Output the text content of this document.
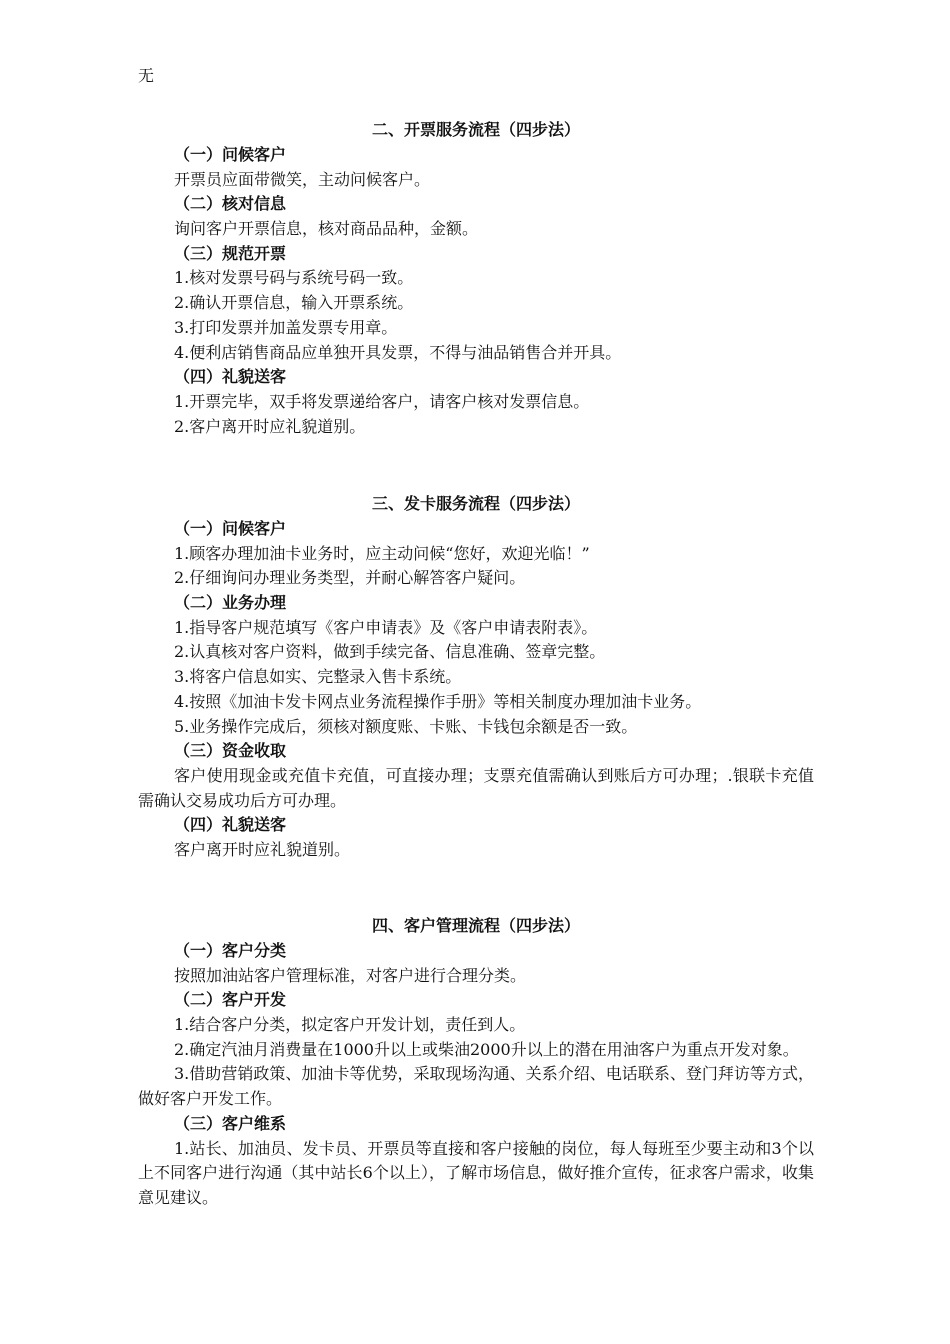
无
二、开票服务流程（四步法）
（一）问候客户
开票员应面带微笑，主动问候客户。
（二）核对信息
询问客户开票信息，核对商品品种，金额。
（三）规范开票
1.核对发票号码与系统号码一致。
2.确认开票信息，输入开票系统。
3.打印发票并加盖发票专用章。
4.便利店销售商品应单独开具发票，不得与油品销售合并开具。
（四）礼貌送客
1.开票完毕，双手将发票递给客户，请客户核对发票信息。
2.客户离开时应礼貌道别。
三、发卡服务流程（四步法）
（一）问候客户
1.顾客办理加油卡业务时，应主动问候“您好，欢迎光临！”
2.仔细询问办理业务类型，并耐心解答客户疑问。
（二）业务办理
1.指导客户规范填写《客户申请表》及《客户申请表附表》。
2.认真核对客户资料，做到手续完备、信息准确、签章完整。
3.将客户信息如实、完整录入售卡系统。
4.按照《加油卡发卡网点业务流程操作手册》等相关制度办理加油卡业务。
5.业务操作完成后，须核对额度账、卡账、卡钱包余额是否一致。
（三）资金收取
客户使用现金或充值卡充值，可直接办理；支票充值需确认到账后方可办理；.银联卡充值需确认交易成功后方可办理。
（四）礼貌送客
客户离开时应礼貌道别。
四、客户管理流程（四步法）
（一）客户分类
按照加油站客户管理标准，对客户进行合理分类。
（二）客户开发
1.结合客户分类，拟定客户开发计划，责任到人。
2.确定汽油月消费量在1000升以上或柴油2000升以上的潜在用油客户为重点开发对象。
3.借助营销政策、加油卡等优势，采取现场沟通、关系介绍、电话联系、登门拜访等方式，做好客户开发工作。
（三）客户维系
1.站长、加油员、发卡员、开票员等直接和客户接触的岗位，每人每班至少要主动和3个以上不同客户进行沟通（其中站长6个以上），了解市场信息，做好推介宣传，征求客户需求，收集意见建议。
